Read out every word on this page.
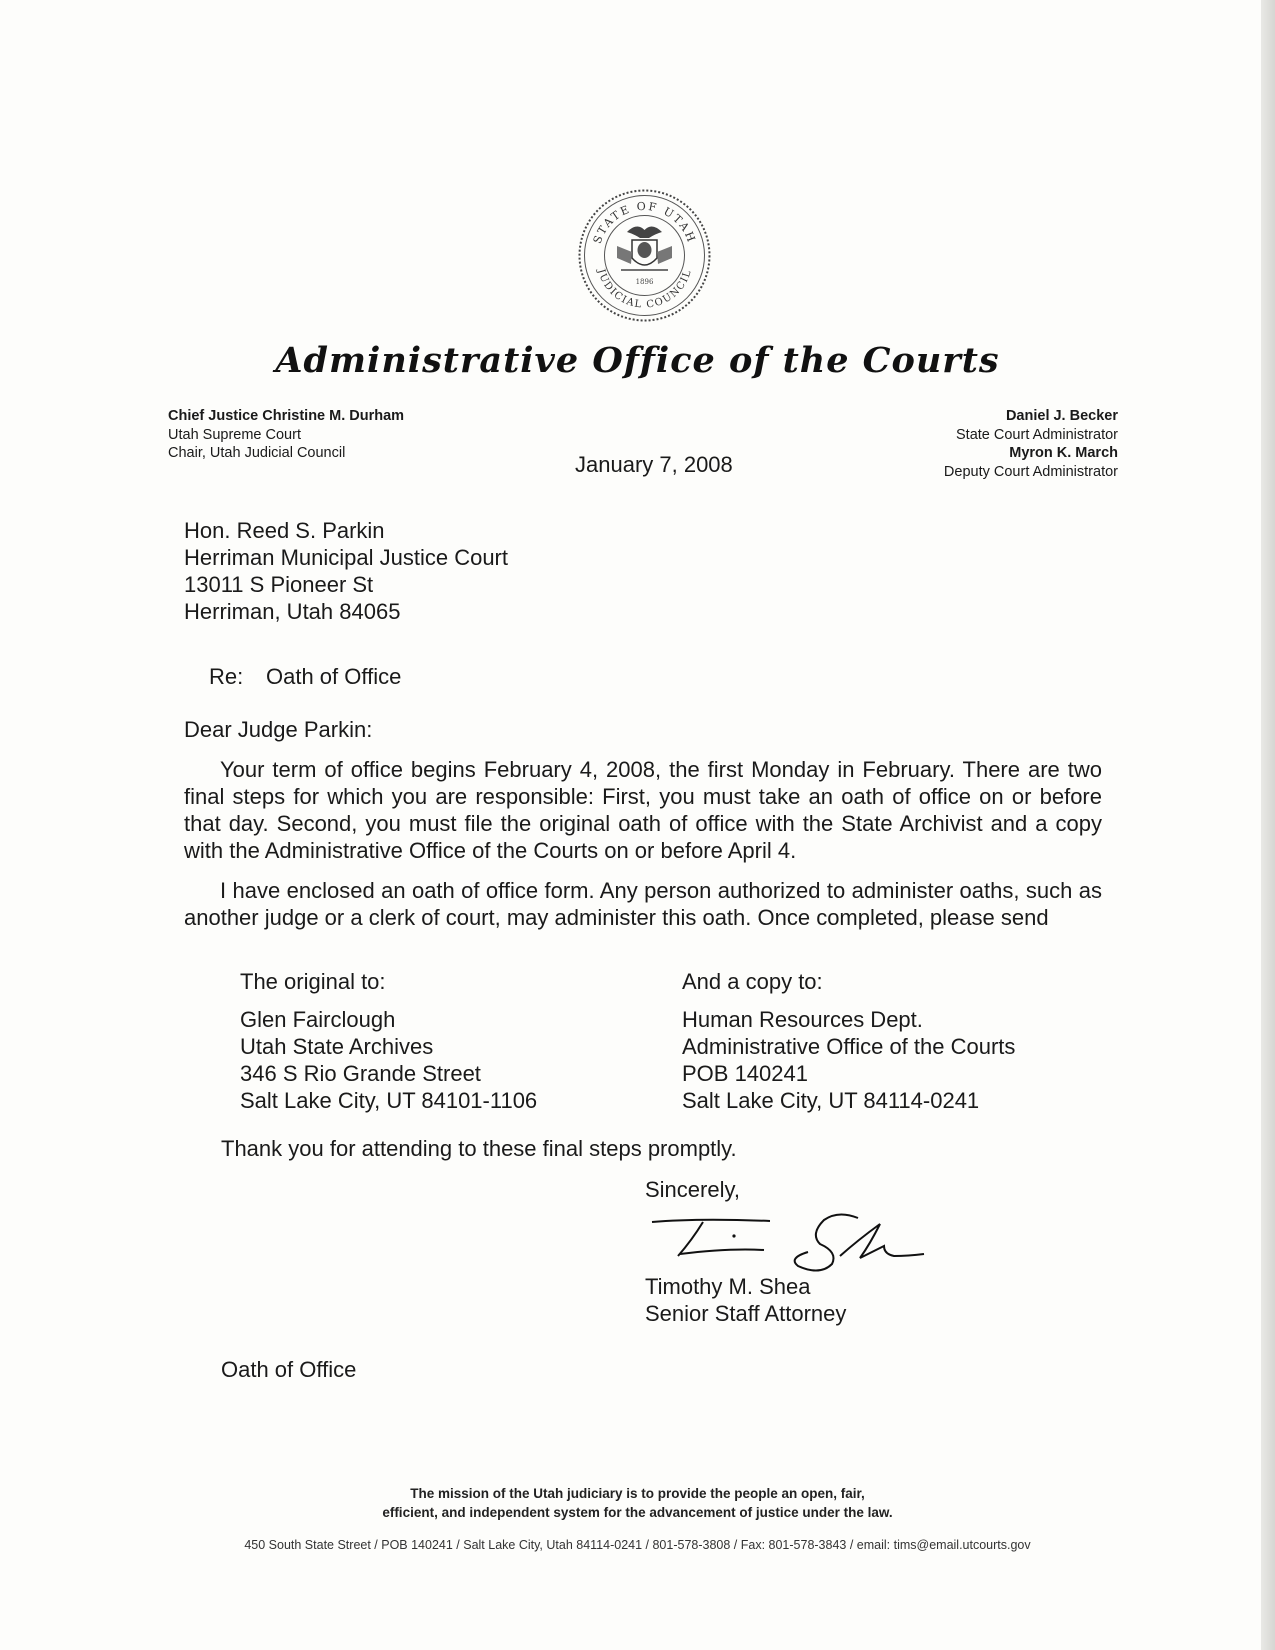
STATE OF UTAH
JUDICIAL COUNCIL
1896
Administrative Office of the Courts
Chief Justice Christine M. Durham
Utah Supreme Court
Chair, Utah Judicial Council
Daniel J. Becker
State Court Administrator
Myron K. March
Deputy Court Administrator
January 7, 2008
Hon. Reed S. Parkin
Herriman Municipal Justice Court
13011 S Pioneer St
Herriman, Utah 84065
Re: Oath of Office
Dear Judge Parkin:
Your term of office begins February 4, 2008, the first Monday in February. There are two final steps for which you are responsible: First, you must take an oath of office on or before that day. Second, you must file the original oath of office with the State Archivist and a copy with the Administrative Office of the Courts on or before April 4.
I have enclosed an oath of office form. Any person authorized to administer oaths, such as another judge or a clerk of court, may administer this oath. Once completed, please send
The original to:
Glen Fairclough
Utah State Archives
346 S Rio Grande Street
Salt Lake City, UT 84101-1106
And a copy to:
Human Resources Dept.
Administrative Office of the Courts
POB 140241
Salt Lake City, UT 84114-0241
Thank you for attending to these final steps promptly.
Sincerely,
Timothy M. Shea
Senior Staff Attorney
Oath of Office
The mission of the Utah judiciary is to provide the people an open, fair,
efficient, and independent system for the advancement of justice under the law.
450 South State Street / POB 140241 / Salt Lake City, Utah 84114-0241 / 801-578-3808 / Fax: 801-578-3843 / email: tims@email.utcourts.gov
